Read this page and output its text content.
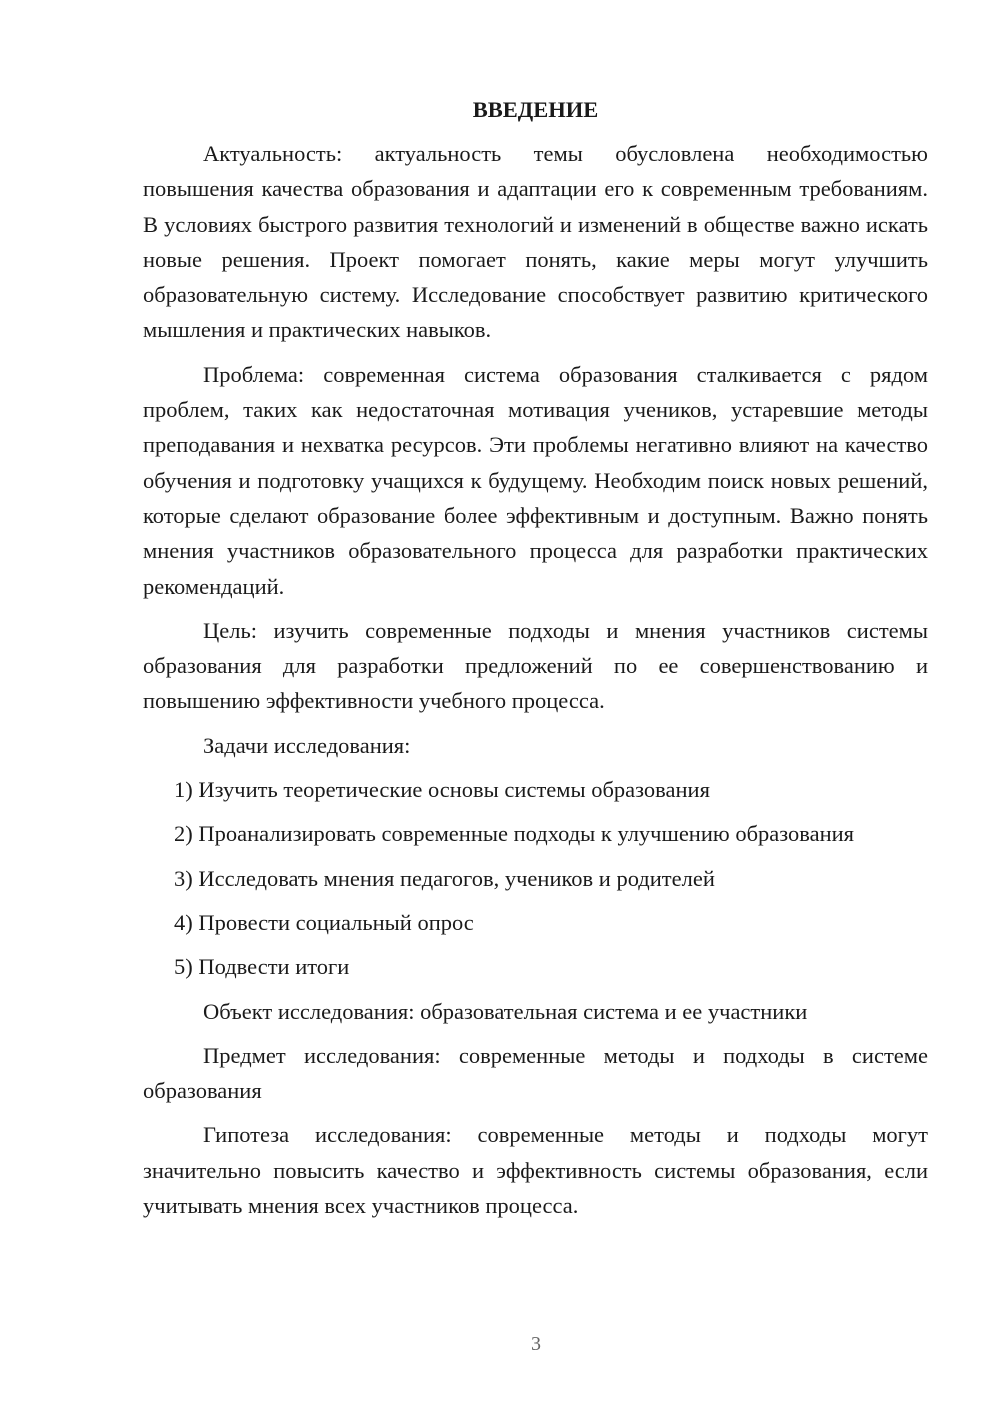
ВВЕДЕНИЕ

Актуальность: актуальность темы обусловлена необходимостью повышения качества образования и адаптации его к современным требованиям. В условиях быстрого развития технологий и изменений в обществе важно искать новые решения. Проект помогает понять, какие меры могут улучшить образовательную систему. Исследование способствует развитию критического мышления и практических навыков.

Проблема: современная система образования сталкивается с рядом проблем, таких как недостаточная мотивация учеников, устаревшие методы преподавания и нехватка ресурсов. Эти проблемы негативно влияют на качество обучения и подготовку учащихся к будущему. Необходим поиск новых решений, которые сделают образование более эффективным и доступным. Важно понять мнения участников образовательного процесса для разработки практических рекомендаций.

Цель: изучить современные подходы и мнения участников системы образования для разработки предложений по ее совершенствованию и повышению эффективности учебного процесса.

Задачи исследования:

1) Изучить теоретические основы системы образования

2) Проанализировать современные подходы к улучшению образования

3) Исследовать мнения педагогов, учеников и родителей

4) Провести социальный опрос

5) Подвести итоги

Объект исследования: образовательная система и ее участники

Предмет исследования: современные методы и подходы в системе образования

Гипотеза исследования: современные методы и подходы могут значительно повысить качество и эффективность системы образования, если учитывать мнения всех участников процесса.

3
